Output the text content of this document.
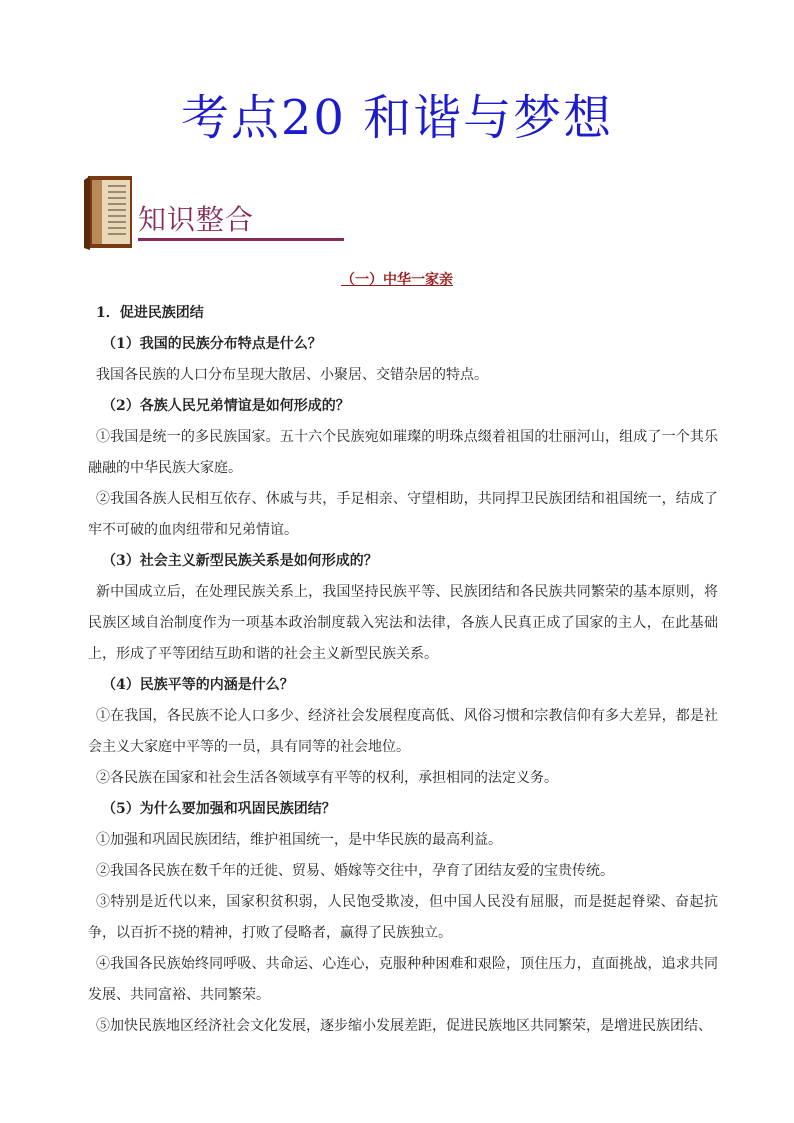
考点20 和谐与梦想
知识整合
（一）中华一家亲

1．促进民族团结

（1）我国的民族分布特点是什么？

我国各民族的人口分布呈现大散居、小聚居、交错杂居的特点。

（2）各族人民兄弟情谊是如何形成的？

①我国是统一的多民族国家。五十六个民族宛如璀璨的明珠点缀着祖国的壮丽河山，组成了一个其乐融融的中华民族大家庭。

②我国各族人民相互依存、休戚与共，手足相亲、守望相助，共同捍卫民族团结和祖国统一，结成了牢不可破的血肉纽带和兄弟情谊。

（3）社会主义新型民族关系是如何形成的？

新中国成立后，在处理民族关系上，我国坚持民族平等、民族团结和各民族共同繁荣的基本原则，将民族区域自治制度作为一项基本政治制度载入宪法和法律，各族人民真正成了国家的主人，在此基础上，形成了平等团结互助和谐的社会主义新型民族关系。

（4）民族平等的内涵是什么？

①在我国，各民族不论人口多少、经济社会发展程度高低、风俗习惯和宗教信仰有多大差异，都是社会主义大家庭中平等的一员，具有同等的社会地位。

②各民族在国家和社会生活各领域享有平等的权利，承担相同的法定义务。

（5）为什么要加强和巩固民族团结？

①加强和巩固民族团结，维护祖国统一，是中华民族的最高利益。

②我国各民族在数千年的迁徙、贸易、婚嫁等交往中，孕育了团结友爱的宝贵传统。

③特别是近代以来，国家积贫积弱，人民饱受欺凌，但中国人民没有屈服，而是挺起脊梁、奋起抗争，以百折不挠的精神，打败了侵略者，赢得了民族独立。

④我国各民族始终同呼吸、共命运、心连心，克服种种困难和艰险，顶住压力，直面挑战，追求共同发展、共同富裕、共同繁荣。

⑤加快民族地区经济社会文化发展，逐步缩小发展差距，促进民族地区共同繁荣，是增进民族团结、
